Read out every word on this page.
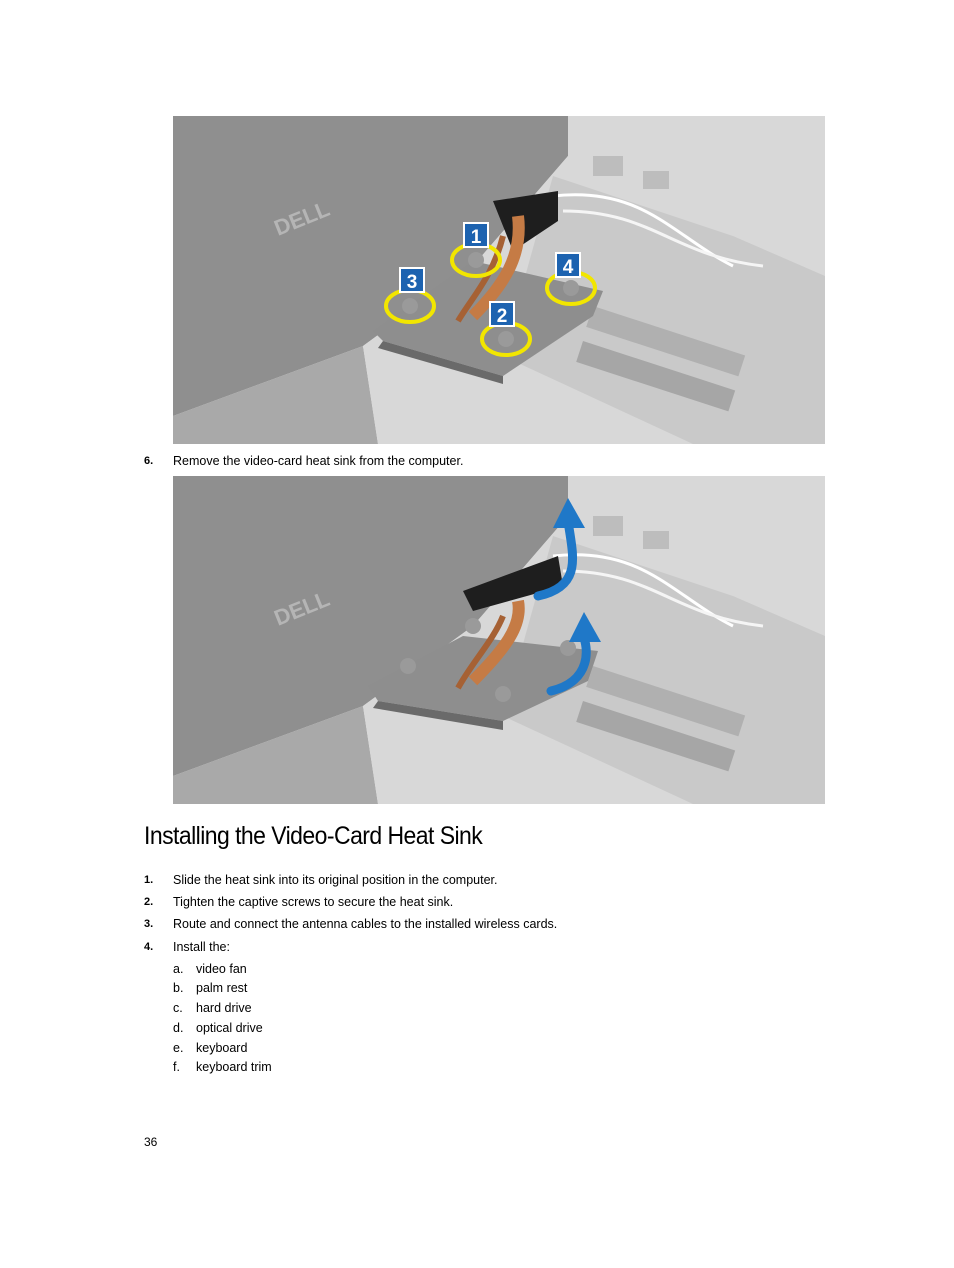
DELL	1
2
3
4
6. Remove the video-card heat sink from the computer.
DELL
Installing the Video-Card Heat Sink
1. Slide the heat sink into its original position in the computer.
2. Tighten the captive screws to secure the heat sink.
3. Route and connect the antenna cables to the installed wireless cards.
4. Install the:
a. video fan
b. palm rest
c. hard drive
d. optical drive
e. keyboard
f. keyboard trim
36
